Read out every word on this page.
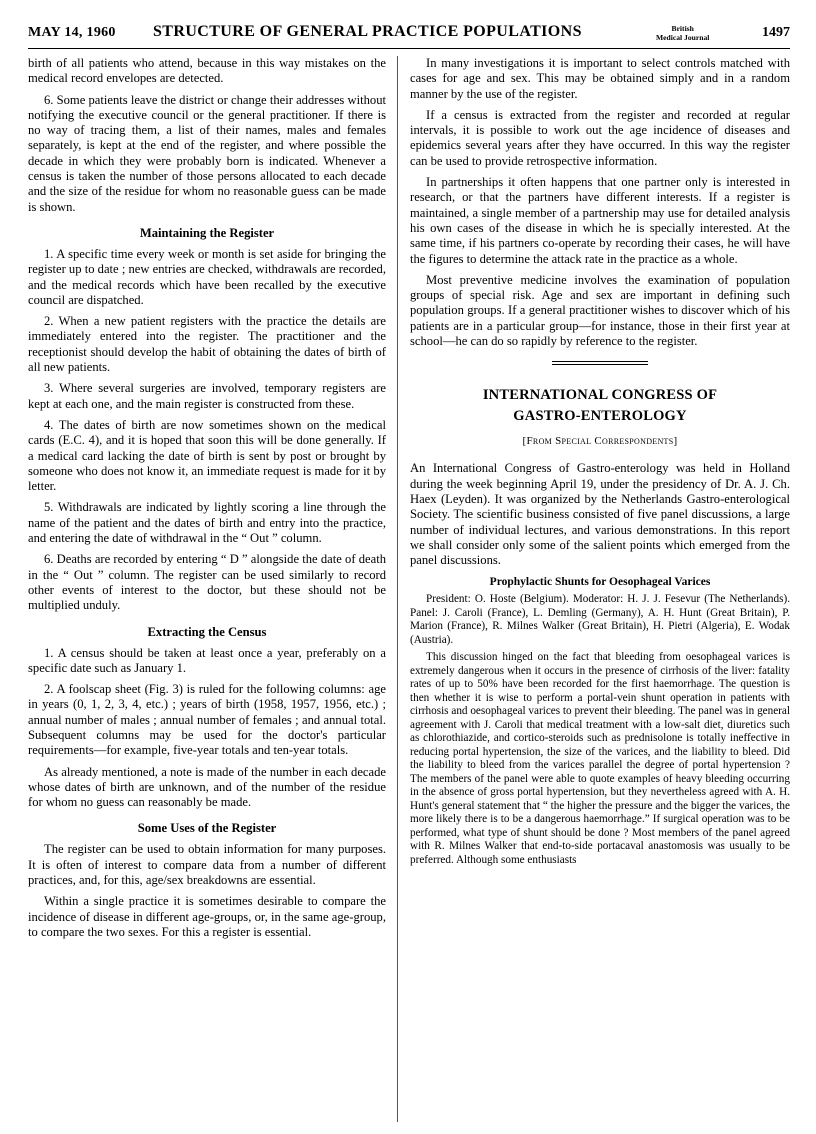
MAY 14, 1960 STRUCTURE OF GENERAL PRACTICE POPULATIONS	British
Medical Journal	1497

birth of all patients who attend, because in this way mistakes on the medical record envelopes are detected.

6. Some patients leave the district or change their addresses without notifying the executive council or the general practitioner. If there is no way of tracing them, a list of their names, males and females separately, is kept at the end of the register, and where possible the decade in which they were probably born is indicated. Whenever a census is taken the number of those persons allocated to each decade and the size of the residue for whom no reasonable guess can be made is shown.

Maintaining the Register

1. A specific time every week or month is set aside for bringing the register up to date ; new entries are checked, withdrawals are recorded, and the medical records which have been recalled by the executive council are dispatched.

2. When a new patient registers with the practice the details are immediately entered into the register. The practitioner and the receptionist should develop the habit of obtaining the dates of birth of all new patients.

3. Where several surgeries are involved, temporary registers are kept at each one, and the main register is constructed from these.

4. The dates of birth are now sometimes shown on the medical cards (E.C. 4), and it is hoped that soon this will be done generally. If a medical card lacking the date of birth is sent by post or brought by someone who does not know it, an immediate request is made for it by letter.

5. Withdrawals are indicated by lightly scoring a line through the name of the patient and the dates of birth and entry into the practice, and entering the date of withdrawal in the “ Out ” column.

6. Deaths are recorded by entering “ D ” alongside the date of death in the “ Out ” column. The register can be used similarly to record other events of interest to the doctor, but these should not be multiplied unduly.

Extracting the Census

1. A census should be taken at least once a year, preferably on a specific date such as January 1.

2. A foolscap sheet (Fig. 3) is ruled for the following columns: age in years (0, 1, 2, 3, 4, etc.) ; years of birth (1958, 1957, 1956, etc.) ; annual number of males ; annual number of females ; and annual total. Subsequent columns may be used for the doctor's particular requirements—for example, five-year totals and ten-year totals.

As already mentioned, a note is made of the number in each decade whose dates of birth are unknown, and of the number of the residue for whom no guess can reasonably be made.

Some Uses of the Register

The register can be used to obtain information for many purposes. It is often of interest to compare data from a number of different practices, and, for this, age/sex breakdowns are essential.

Within a single practice it is sometimes desirable to compare the incidence of disease in different age-groups, or, in the same age-group, to compare the two sexes. For this a register is essential.

In many investigations it is important to select controls matched with cases for age and sex. This may be obtained simply and in a random manner by the use of the register.

If a census is extracted from the register and recorded at regular intervals, it is possible to work out the age incidence of diseases and epidemics several years after they have occurred. In this way the register can be used to provide retrospective information.

In partnerships it often happens that one partner only is interested in research, or that the partners have different interests. If a register is maintained, a single member of a partnership may use for detailed analysis his own cases of the disease in which he is specially interested. At the same time, if his partners co-operate by recording their cases, he will have the figures to determine the attack rate in the practice as a whole.

Most preventive medicine involves the examination of population groups of special risk. Age and sex are important in defining such population groups. If a general practitioner wishes to discover which of his patients are in a particular group—for instance, those in their first year at school—he can do so rapidly by reference to the register.

INTERNATIONAL CONGRESS OF
GASTRO-ENTEROLOGY
[From Special Correspondents]

An International Congress of Gastro-enterology was held in Holland during the week beginning April 19, under the presidency of Dr. A. J. Ch. Haex (Leyden). It was organized by the Netherlands Gastro-enterological Society. The scientific business consisted of five panel discussions, a large number of individual lectures, and various demonstrations. In this report we shall consider only some of the salient points which emerged from the panel discussions.

Prophylactic Shunts for Oesophageal Varices

President: O. Hoste (Belgium). Moderator: H. J. J. Fesevur (The Netherlands). Panel: J. Caroli (France), L. Demling (Germany), A. H. Hunt (Great Britain), P. Marion (France), R. Milnes Walker (Great Britain), H. Pietri (Algeria), E. Wodak (Austria).

This discussion hinged on the fact that bleeding from oesophageal varices is extremely dangerous when it occurs in the presence of cirrhosis of the liver: fatality rates of up to 50% have been recorded for the first haemorrhage. The question is then whether it is wise to perform a portal-vein shunt operation in patients with cirrhosis and oesophageal varices to prevent their bleeding. The panel was in general agreement with J. Caroli that medical treatment with a low-salt diet, diuretics such as chlorothiazide, and cortico-steroids such as prednisolone is totally ineffective in reducing portal hypertension, the size of the varices, and the liability to bleed. Did the liability to bleed from the varices parallel the degree of portal hypertension ? The members of the panel were able to quote examples of heavy bleeding occurring in the absence of gross portal hypertension, but they nevertheless agreed with A. H. Hunt's general statement that “ the higher the pressure and the bigger the varices, the more likely there is to be a dangerous haemorrhage.” If surgical operation was to be performed, what type of shunt should be done ? Most members of the panel agreed with R. Milnes Walker that end-to-side portacaval anastomosis was usually to be preferred. Although some enthusiasts
